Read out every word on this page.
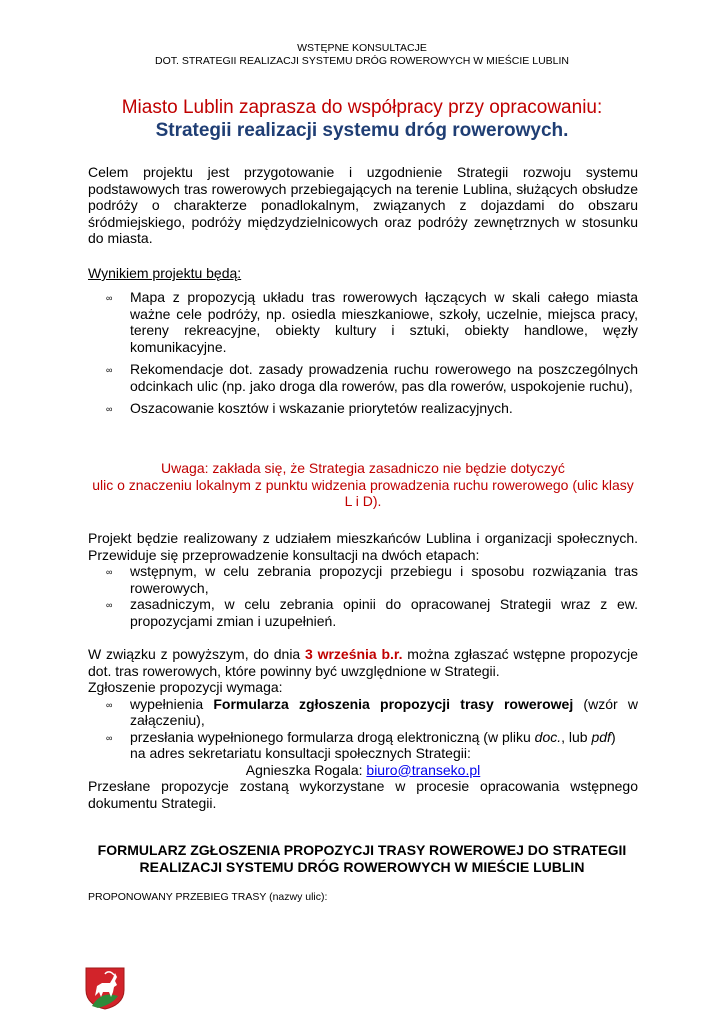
WSTĘPNE KONSULTACJE
DOT. STRATEGII REALIZACJI SYSTEMU DRÓG ROWEROWYCH W MIEŚCIE LUBLIN
Miasto Lublin zaprasza do współpracy przy opracowaniu:
Strategii realizacji systemu dróg rowerowych.
Celem projektu jest przygotowanie i uzgodnienie Strategii rozwoju systemu podstawowych tras rowerowych przebiegających na terenie Lublina, służących obsłudze podróży o charakterze ponadlokalnym, związanych z dojazdami do obszaru śródmiejskiego, podróży międzydzielnicowych oraz podróży zewnętrznych w stosunku do miasta.
Wynikiem projektu będą:
∞ Mapa z propozycją układu tras rowerowych łączących w skali całego miasta ważne cele podróży, np. osiedla mieszkaniowe, szkoły, uczelnie, miejsca pracy, tereny rekreacyjne, obiekty kultury i sztuki, obiekty handlowe, węzły komunikacyjne.
∞ Rekomendacje dot. zasady prowadzenia ruchu rowerowego na poszczególnych odcinkach ulic (np. jako droga dla rowerów, pas dla rowerów, uspokojenie ruchu),
∞ Oszacowanie kosztów i wskazanie priorytetów realizacyjnych.
Uwaga: zakłada się, że Strategia zasadniczo nie będzie dotyczyć
ulic o znaczeniu lokalnym z punktu widzenia prowadzenia ruchu rowerowego (ulic klasy L i D).
Projekt będzie realizowany z udziałem mieszkańców Lublina i organizacji społecznych. Przewiduje się przeprowadzenie konsultacji na dwóch etapach:
∞ wstępnym, w celu zebrania propozycji przebiegu i sposobu rozwiązania tras rowerowych,
∞ zasadniczym, w celu zebrania opinii do opracowanej Strategii wraz z ew. propozycjami zmian i uzupełnień.
W związku z powyższym, do dnia 3 września b.r. można zgłaszać wstępne propozycje dot. tras rowerowych, które powinny być uwzględnione w Strategii.
Zgłoszenie propozycji wymaga:
∞ wypełnienia Formularza zgłoszenia propozycji trasy rowerowej (wzór w załączeniu),
∞ przesłania wypełnionego formularza drogą elektroniczną (w pliku doc., lub pdf)
na adres sekretariatu konsultacji społecznych Strategii:
Agnieszka Rogala: biuro@transeko.pl
Przesłane propozycje zostaną wykorzystane w procesie opracowania wstępnego dokumentu Strategii.
FORMULARZ ZGŁOSZENIA PROPOZYCJI TRASY ROWEROWEJ DO STRATEGII
REALIZACJI SYSTEMU DRÓG ROWEROWYCH W MIEŚCIE LUBLIN
PROPONOWANY PRZEBIEG TRASY (nazwy ulic):
